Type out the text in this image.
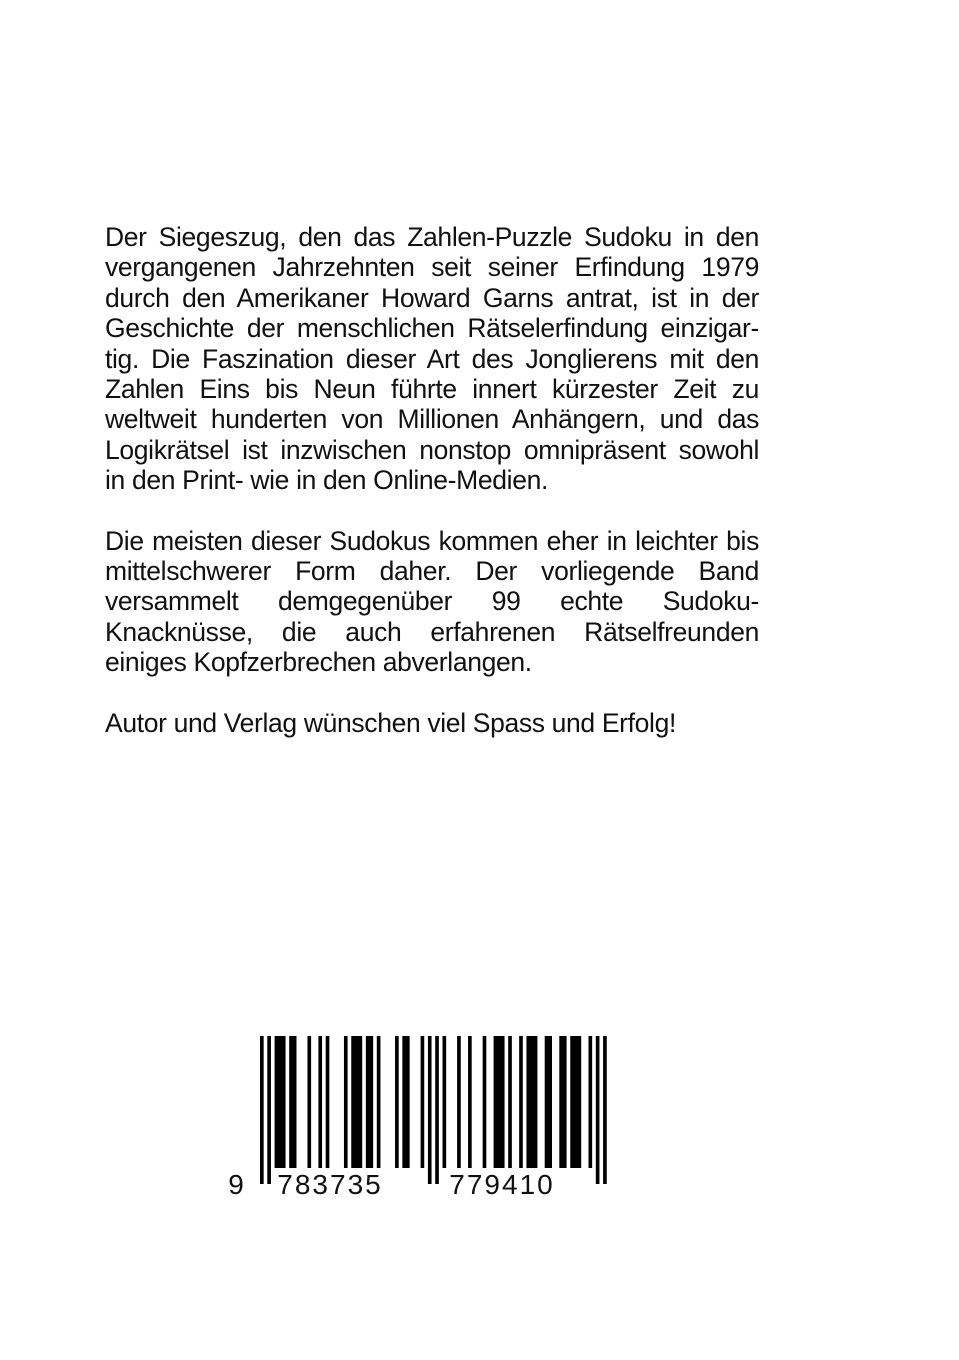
Der Siegeszug, den das Zahlen-Puzzle Sudoku in den
vergangenen Jahrzehnten seit seiner Erfindung 1979
durch den Amerikaner Howard Garns antrat, ist in der
Geschichte der menschlichen Rätselerfindung einzigar-
tig. Die Faszination dieser Art des Jonglierens mit den
Zahlen Eins bis Neun führte innert kürzester Zeit zu
weltweit hunderten von Millionen Anhängern, und das
Logikrätsel ist inzwischen nonstop omnipräsent sowohl
in den Print- wie in den Online-Medien.

Die meisten dieser Sudokus kommen eher in leichter bis
mittelschwerer Form daher. Der vorliegende Band
versammelt demgegenüber 99 echte Sudoku-
Knacknüsse, die auch erfahrenen Rätselfreunden
einiges Kopfzerbrechen abverlangen.

Autor und Verlag wünschen viel Spass und Erfolg!

9 783735 779410
